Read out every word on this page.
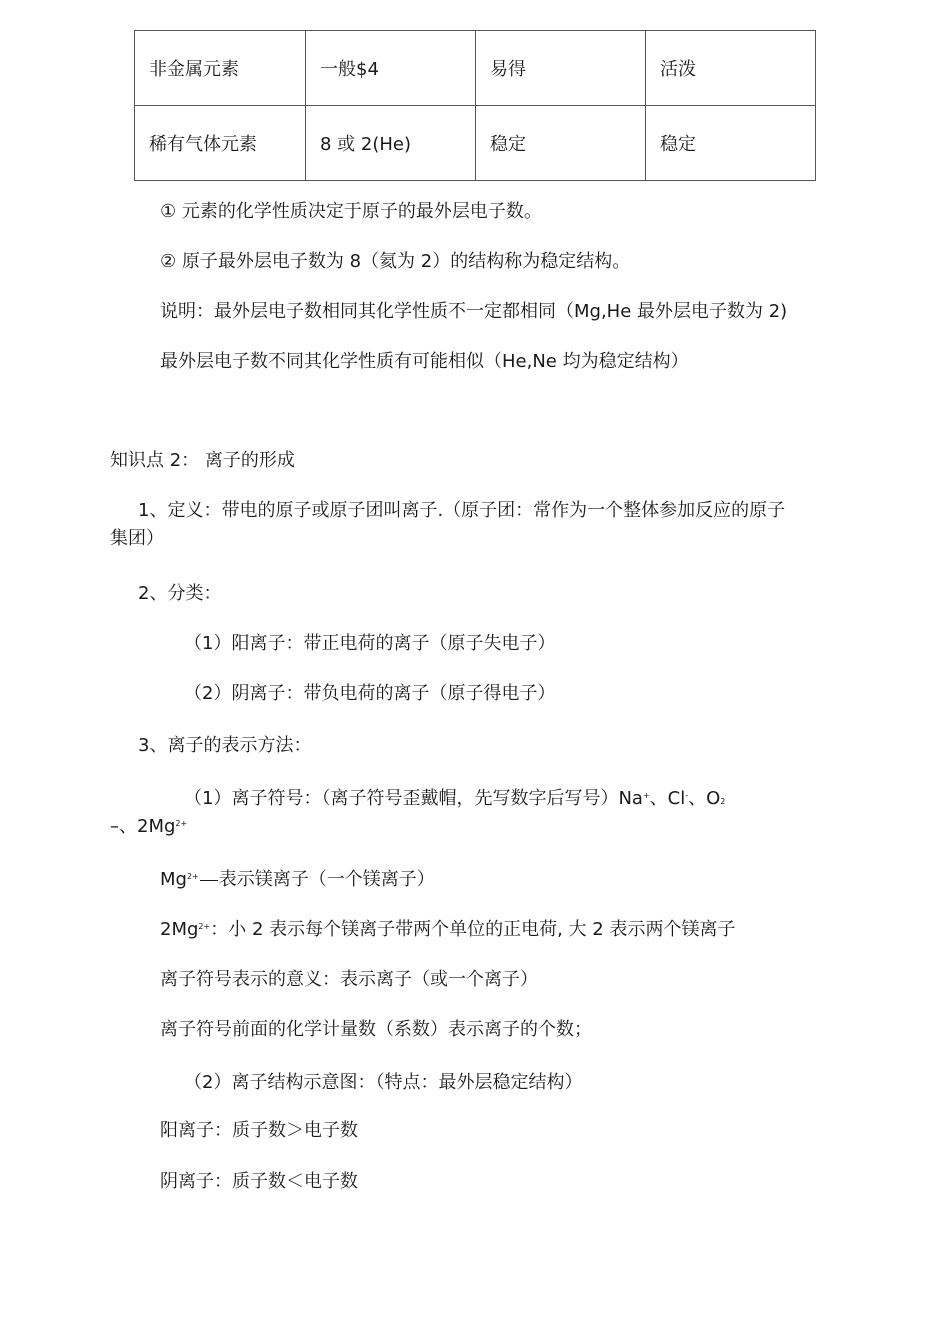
非金属元素	一般$4	易得	活泼
稀有气体元素	8 或 2(He)	稳定	稳定
① 元素的化学性质决定于原子的最外层电子数。
② 原子最外层电子数为 8（氦为 2）的结构称为稳定结构。
说明：最外层电子数相同其化学性质不一定都相同（Mg,He 最外层电子数为 2)
最外层电子数不同其化学性质有可能相似（He,Ne 均为稳定结构）
知识点 2： 离子的形成
1、定义：带电的原子或原子团叫离子.（原子团：常作为一个整体参加反应的原子
集团）
2、分类：
（1）阳离子：带正电荷的离子（原子失电子）
（2）阴离子：带负电荷的离子（原子得电子）
3、离子的表示方法：
（1）离子符号：（离子符号歪戴帽，先写数字后写号）Na+、Cl-、O2
–、$2Mg^{2+}$
$Mg^{2+}$ 表示镁离子（一个镁离子）
$2Mg^{2+}$：小 2 表示每个镁离子带两个单位的正电荷, 大 2 表示两个镁离子
离子符号表示的意义：表示离子（或一个离子）
离子符号前面的化学计量数（系数）表示离子的个数；
（2）离子结构示意图：（特点：最外层稳定结构）
阳离子：质子数＞电子数
阴离子：质子数＜电子数
